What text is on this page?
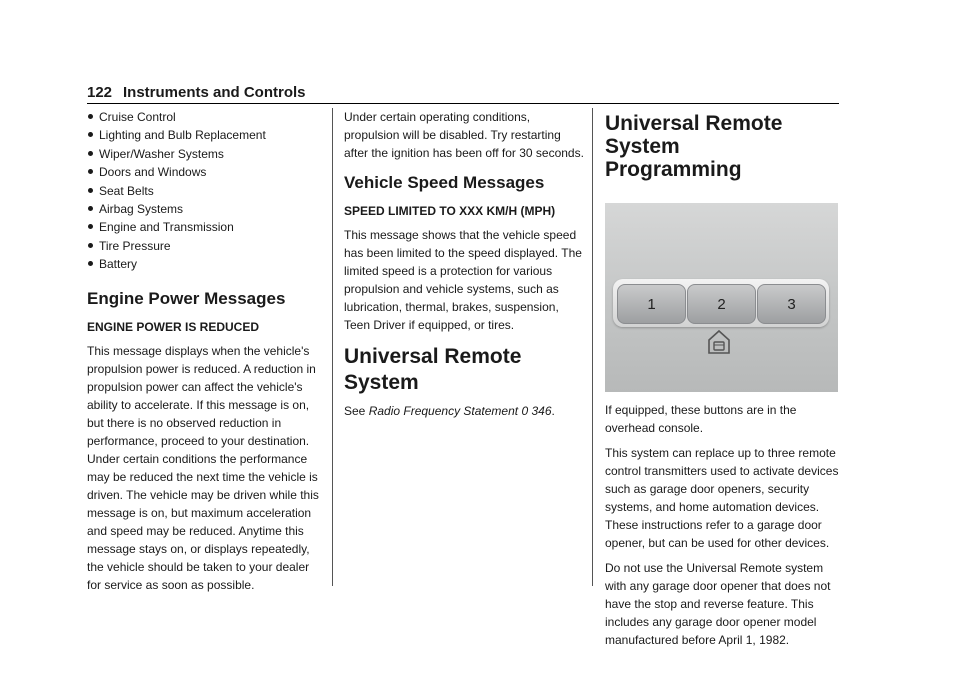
122 Instruments and Controls
Cruise Control
Lighting and Bulb Replacement
Wiper/Washer Systems
Doors and Windows
Seat Belts
Airbag Systems
Engine and Transmission
Tire Pressure
Battery
Engine Power Messages
ENGINE POWER IS REDUCED

This message displays when the vehicle's propulsion power is reduced. A reduction in propulsion power can affect the vehicle's ability to accelerate. If this message is on, but there is no observed reduction in performance, proceed to your destination. Under certain conditions the performance may be reduced the next time the vehicle is driven. The vehicle may be driven while this message is on, but maximum acceleration and speed may be reduced. Anytime this message stays on, or displays repeatedly, the vehicle should be taken to your dealer for service as soon as possible.

Under certain operating conditions, propulsion will be disabled. Try restarting after the ignition has been off for 30 seconds.

Vehicle Speed Messages
SPEED LIMITED TO XXX KM/H (MPH)

This message shows that the vehicle speed has been limited to the speed displayed. The limited speed is a protection for various propulsion and vehicle systems, such as lubrication, thermal, brakes, suspension, Teen Driver if equipped, or tires.

Universal Remote System

See Radio Frequency Statement 0 346.

Universal Remote System Programming
1	2	3

If equipped, these buttons are in the overhead console.

This system can replace up to three remote control transmitters used to activate devices such as garage door openers, security systems, and home automation devices. These instructions refer to a garage door opener, but can be used for other devices.

Do not use the Universal Remote system with any garage door opener that does not have the stop and reverse feature. This includes any garage door opener model manufactured before April 1, 1982.
